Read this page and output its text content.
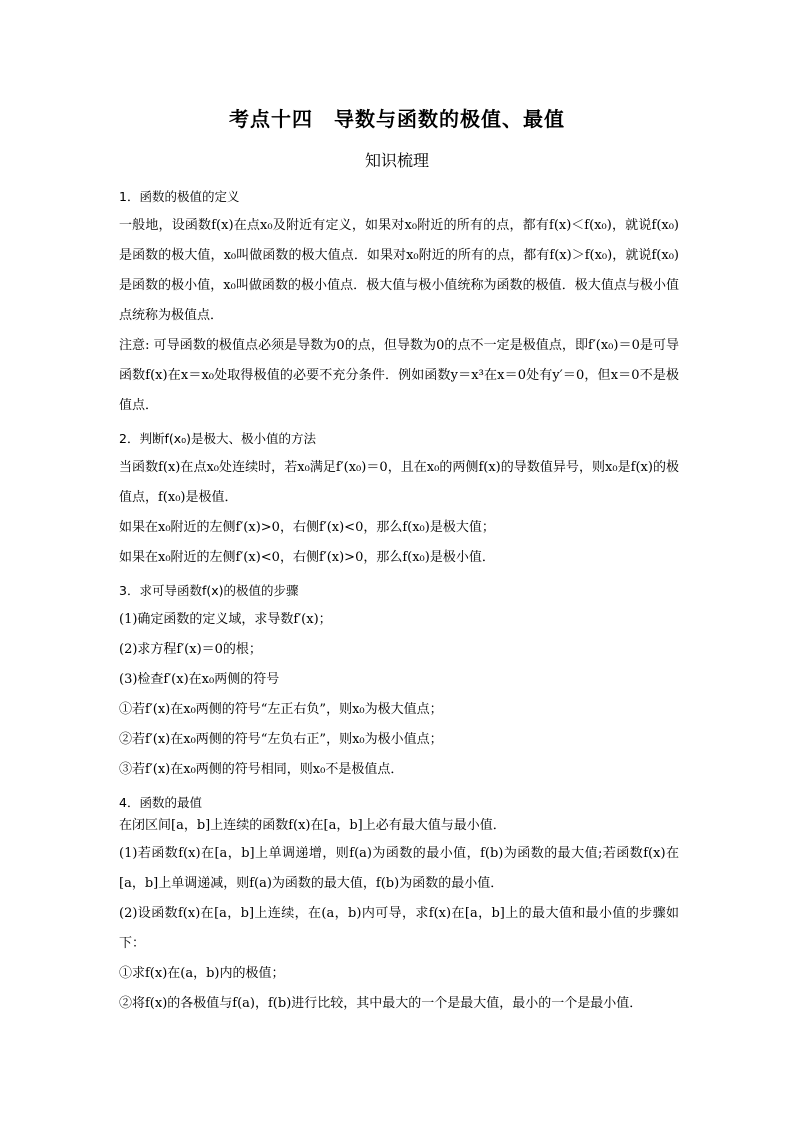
考点十四　导数与函数的极值、最值
知识梳理
1．函数的极值的定义

一般地，设函数f(x)在点x₀及附近有定义，如果对x₀附近的所有的点，都有f(x)＜f(x₀)，就说f(x₀)是函数的极大值，x₀叫做函数的极大值点．如果对x₀附近的所有的点，都有f(x)＞f(x₀)，就说f(x₀)是函数的极小值，x₀叫做函数的极小值点．极大值与极小值统称为函数的极值．极大值点与极小值点统称为极值点．

注意: 可导函数的极值点必须是导数为0的点，但导数为0的点不一定是极值点，即f′(x₀)＝0是可导函数f(x)在x＝x₀处取得极值的必要不充分条件．例如函数y＝x³在x＝0处有y′＝0，但x＝0不是极值点．

2．判断f(x₀)是极大、极小值的方法

当函数f(x)在点x₀处连续时，若x₀满足f′(x₀)＝0，且在x₀的两侧f(x)的导数值异号，则x₀是f(x)的极值点，f(x₀)是极值．

如果在x₀附近的左侧f′(x)>0，右侧f′(x)<0，那么f(x₀)是极大值；
如果在x₀附近的左侧f′(x)<0，右侧f′(x)>0，那么f(x₀)是极小值．
3．求可导函数f(x)的极值的步骤
(1)确定函数的定义域，求导数f′(x)；
(2)求方程f′(x)＝0的根；
(3)检查f′(x)在x₀两侧的符号
①若f′(x)在x₀两侧的符号“左正右负”，则x₀为极大值点；
②若f′(x)在x₀两侧的符号“左负右正”，则x₀为极小值点；
③若f′(x)在x₀两侧的符号相同，则x₀不是极值点．
4．函数的最值
在闭区间[a，b]上连续的函数f(x)在[a，b]上必有最大值与最小值．

(1)若函数f(x)在[a，b]上单调递增，则f(a)为函数的最小值，f(b)为函数的最大值;若函数f(x)在[a，b]上单调递减，则f(a)为函数的最大值，f(b)为函数的最小值．

(2)设函数f(x)在[a，b]上连续，在(a，b)内可导，求f(x)在[a，b]上的最大值和最小值的步骤如下：

①求f(x)在(a，b)内的极值；
②将f(x)的各极值与f(a)，f(b)进行比较，其中最大的一个是最大值，最小的一个是最小值．
